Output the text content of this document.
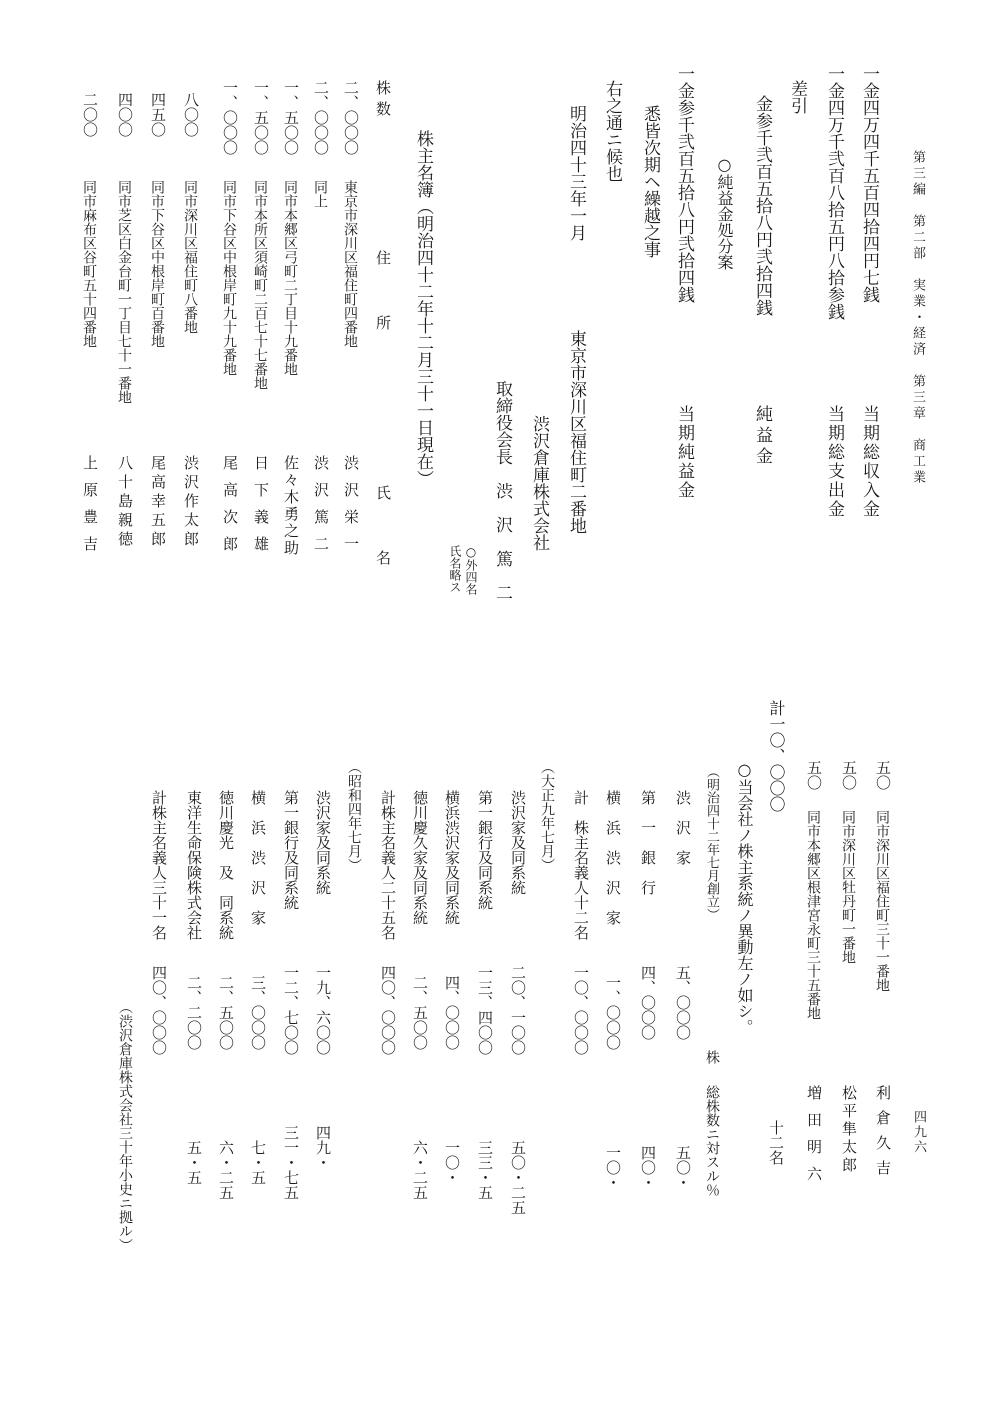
第三編　第二部　実業・経済　第三章　商工業
一金四万四千五百四拾四円七銭
当期総収入金
一金四万千弐百八拾五円八拾参銭
当期総支出金
差引
金参千弐百五拾八円弐拾四銭
純益金
○純益金処分案
一金参千弐百五拾八円弐拾四銭
当期純益金
悉皆次期ヘ繰越之事
右之通ニ候也
明治四十三年一月
東京市深川区福住町二番地
渋沢倉庫株式会社
取締役会長　渋　沢　篤　二
○外四名
氏名略ス
株主名簿（明治四十二年十二月三十一日現在）
株数
住所
氏名
二、〇〇〇
東京市深川区福住町四番地
渋沢栄一
二、〇〇〇
同上
渋沢篤二
一、五〇〇
同市本郷区弓町二丁目十九番地
佐々木勇之助
一、五〇〇
同市本所区須崎町二百七十七番地
日下義雄
一、〇〇〇
同市下谷区中根岸町九十九番地
尾高次郎
八〇〇
同市深川区福住町八番地
渋沢作太郎
四五〇
同市下谷区中根岸町百番地
尾高幸五郎
四〇〇
同市芝区白金台町一丁目七十一番地
八十島親徳
二〇〇
同市麻布区谷町五十四番地
上原豊吉
四九六
五〇
同市深川区福住町三十一番地
利倉久吉
五〇
同市深川区牡丹町一番地
松平隼太郎
五〇
同市本郷区根津宮永町三十五番地
増田明六
計一〇、〇〇〇
十二名
○当会社ノ株主系統ノ異動左ノ如シ。
（明治四十二年七月創立）
株
総株数ニ対スル％
渋　沢　家
五、〇〇〇
五〇・
第　一　銀　行
四、〇〇〇
四〇・
横　浜　渋　沢　家
一、〇〇〇
一〇・
計　株主名義人十二名
一〇、〇〇〇
（大正九年七月）
渋沢家及同系統
二〇、一〇〇
五〇・二五
第一銀行及同系統
一三、四〇〇
三三・五
横浜渋沢家及同系統
四、〇〇〇
一〇・
徳川慶久家及同系統
二、五〇〇
六・二五
計株主名義人二十五名
四〇、〇〇〇
（昭和四年七月）
渋沢家及同系統
一九、六〇〇
四九・
第一銀行及同系統
一二、七〇〇
三一・七五
横　浜　渋　沢　家
三、〇〇〇
七・五
徳川慶光　及　同系統
二、五〇〇
六・二五
東洋生命保険株式会社
二、二〇〇
五・五
計株主名義人三十一名
四〇、〇〇〇
（渋沢倉庫株式会社三十年小史ニ拠ル）
